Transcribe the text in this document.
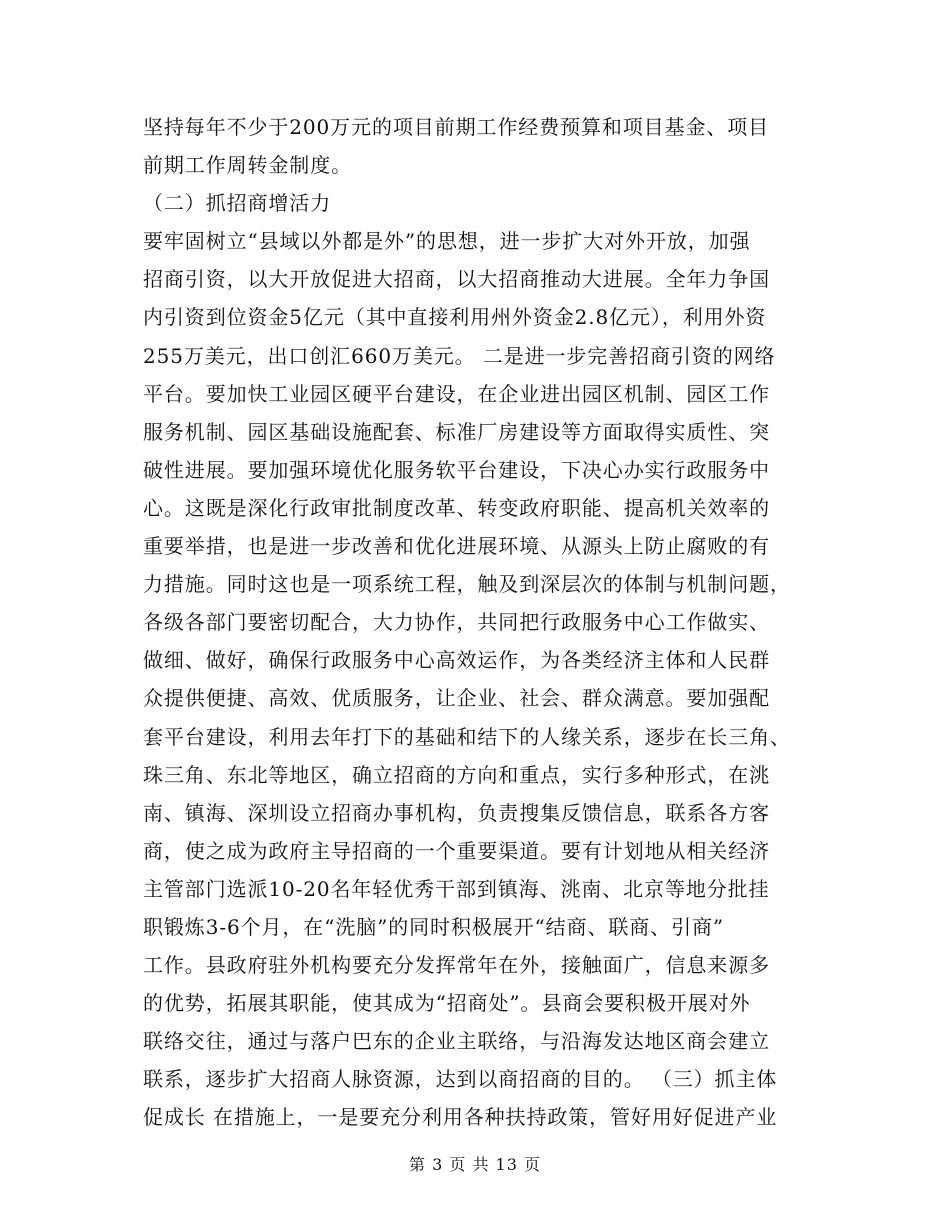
坚持每年不少于200万元的项目前期工作经费预算和项目基金、项目
前期工作周转金制度。
（二）抓招商增活力
要牢固树立“县域以外都是外”的思想，进一步扩大对外开放，加强
招商引资，以大开放促进大招商，以大招商推动大进展。全年力争国
内引资到位资金5亿元（其中直接利用州外资金2.8亿元），利用外资
255万美元，出口创汇660万美元。 二是进一步完善招商引资的网络
平台。要加快工业园区硬平台建设，在企业进出园区机制、园区工作
服务机制、园区基础设施配套、标准厂房建设等方面取得实质性、突
破性进展。要加强环境优化服务软平台建设，下决心办实行政服务中
心。这既是深化行政审批制度改革、转变政府职能、提高机关效率的
重要举措，也是进一步改善和优化进展环境、从源头上防止腐败的有
力措施。同时这也是一项系统工程，触及到深层次的体制与机制问题，
各级各部门要密切配合，大力协作，共同把行政服务中心工作做实、
做细、做好，确保行政服务中心高效运作，为各类经济主体和人民群
众提供便捷、高效、优质服务，让企业、社会、群众满意。要加强配
套平台建设，利用去年打下的基础和结下的人缘关系，逐步在长三角、
珠三角、东北等地区，确立招商的方向和重点，实行多种形式，在洮
南、镇海、深圳设立招商办事机构，负责搜集反馈信息，联系各方客
商，使之成为政府主导招商的一个重要渠道。要有计划地从相关经济
主管部门选派10-20名年轻优秀干部到镇海、洮南、北京等地分批挂
职锻炼3-6个月，在“洗脑”的同时积极展开“结商、联商、引商”
工作。县政府驻外机构要充分发挥常年在外，接触面广，信息来源多
的优势，拓展其职能，使其成为“招商处”。县商会要积极开展对外
联络交往，通过与落户巴东的企业主联络，与沿海发达地区商会建立
联系，逐步扩大招商人脉资源，达到以商招商的目的。 （三）抓主体
促成长 在措施上，一是要充分利用各种扶持政策，管好用好促进产业
第 3 页 共 13 页
